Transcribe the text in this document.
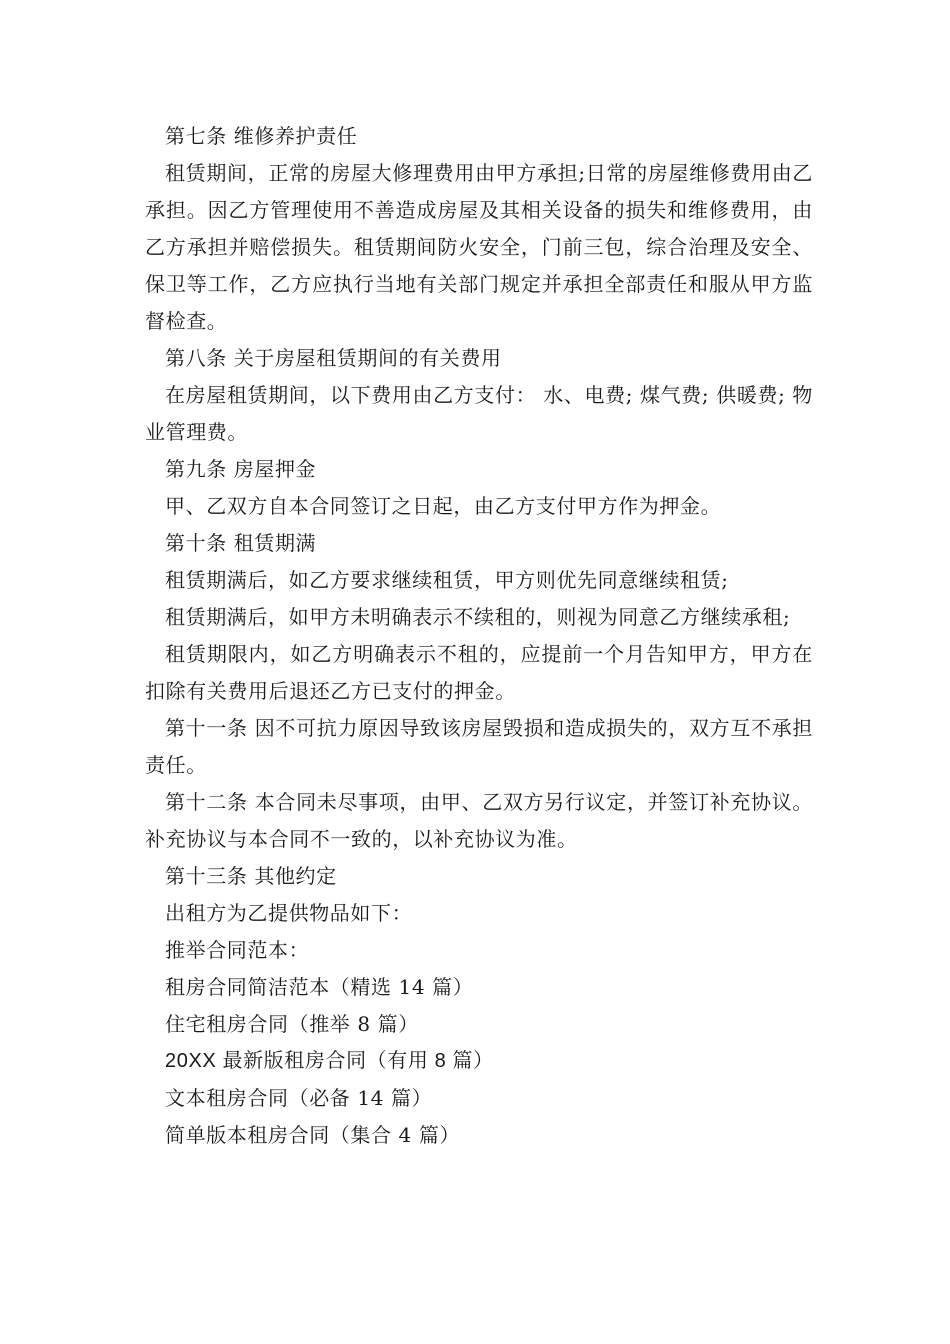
第七条 维修养护责任

租赁期间，正常的房屋大修理费用由甲方承担;日常的房屋维修费用由乙承担。因乙方管理使用不善造成房屋及其相关设备的损失和维修费用，由乙方承担并赔偿损失。租赁期间防火安全，门前三包，综合治理及安全、保卫等工作，乙方应执行当地有关部门规定并承担全部责任和服从甲方监督检查。

第八条 关于房屋租赁期间的有关费用

在房屋租赁期间，以下费用由乙方支付： 水、电费; 煤气费; 供暖费; 物业管理费。

第九条 房屋押金

甲、乙双方自本合同签订之日起，由乙方支付甲方作为押金。

第十条 租赁期满

租赁期满后，如乙方要求继续租赁，甲方则优先同意继续租赁;

租赁期满后，如甲方未明确表示不续租的，则视为同意乙方继续承租;

租赁期限内，如乙方明确表示不租的，应提前一个月告知甲方，甲方在扣除有关费用后退还乙方已支付的押金。

第十一条 因不可抗力原因导致该房屋毁损和造成损失的，双方互不承担责任。

第十二条 本合同未尽事项，由甲、乙双方另行议定，并签订补充协议。补充协议与本合同不一致的，以补充协议为准。

第十三条 其他约定

出租方为乙提供物品如下：

推举合同范本：

租房合同简洁范本（精选 14 篇）

住宅租房合同（推举 8 篇）

20XX 最新版租房合同（有用 8 篇）

文本租房合同（必备 14 篇）

简单版本租房合同（集合 4 篇）
